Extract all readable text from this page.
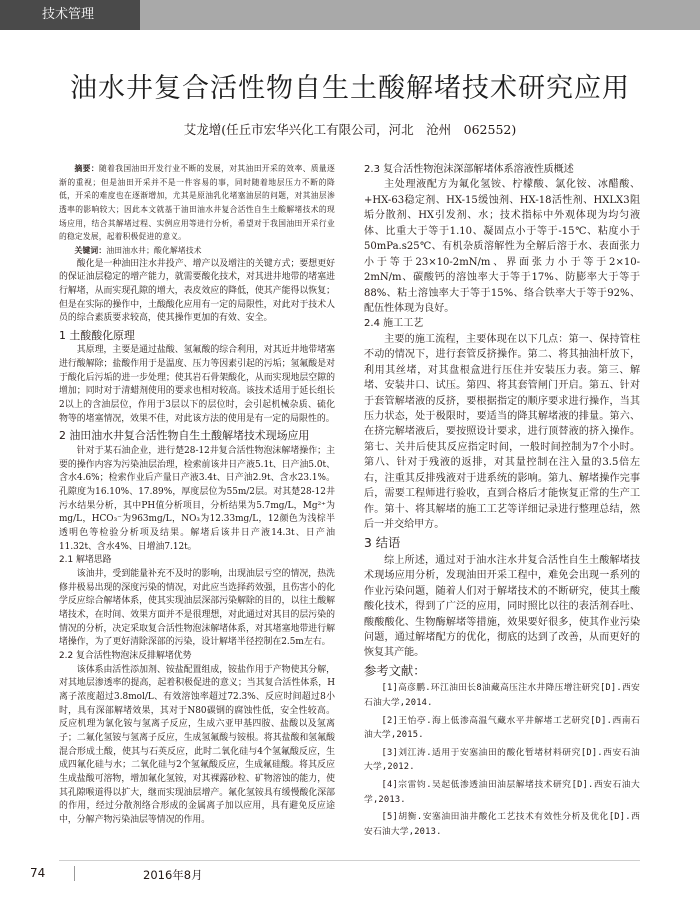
技术管理
油水井复合活性物自生土酸解堵技术研究应用
艾龙增(任丘市宏华兴化工有限公司，河北　沧州　062552)

摘要：随着我国油田开发行业不断的发展，对其油田开采的效率、质量逐渐的重视；但是油田开采并不是一件容易的事，同时随着地层压力不断的降低，开采的难度也在逐渐增加，尤其是原油乳化堵塞油层的问题，对其油层渗透率的影响较大；因此本文就基于油田油水井复合活性自生土酸解堵技术的现场应用，结合其解堵过程、实例应用等进行分析，希望对于我国油田开采行业的稳定发展，起着积极促进的意义。

关键词：油田油水井；酸化解堵技术

酸化是一种油田注水井投产、增产以及增注的关键方式；要想更好的保证油层稳定的增产能力，就需要酸化技术，对其进井地带的堵塞进行解堵，从而实现孔隙的增大，表皮效应的降低，使其产能得以恢复；但是在实际的操作中，土酸酸化应用有一定的局限性，对此对于技术人员的综合素质要求较高，使其操作更加的有效、安全。

1 土酸酸化原理

其原理，主要是通过盐酸、氢氟酸的综合利用，对其近井地带堵塞进行酸解除；盐酸作用于是温度、压力等因素引起的污垢；氢氟酸是对于酸化后污垢的进一步处理；使其岩石骨架酸化，从而实现地层空隙的增加；同时对于清蜡剂使用的要求也相对较高。该技术适用于延长组长2以上的含油层位，作用于3层以下的层位时，会引起机械杂质、硫化物等的堵塞情况，效果不佳，对此该方法的使用是有一定的局限性的。

2 油田油水井复合活性物自生土酸解堵技术现场应用

针对于某石油企业，进行楚28-12井复合活性物泡沫解堵操作；主要的操作内容为污染油层治理，检索前该井日产液5.1t、日产油5.0t、含水4.6%；检索作业后产量日产液3.4t、日产油2.9t、含水23.1%。孔隙度为16.10%、17.89%，厚度层位为55m/2层。对其楚28-12井污水结果分析，其中PH值分析项目，分析结果为5.7mg/L，Mg²⁺为mg/L，HCO₃⁻为963mg/L，NO₃为12.33mg/L，12颜色为浅棕半透明色等检验分析项及结果。解堵后该井日产液14.3t、日产油11.32t、含水4%、日增油7.12t。

2.1 解堵思路

该油井，受到能量补充不及时的影响，出现油层亏空的情况，热洗修井极易出现的深度污染的情况，对此应当选择药效强，且伤害小的化学反应综合解堵体系，使其实现油层深部污染解除的目的，以往土酸解堵技术，在时间、效果方面并不是很理想，对此通过对其目的层污染的情况的分析，决定采取复合活性物泡沫解堵体系，对其堵塞地带进行解堵操作，为了更好清除深部的污染，设计解堵半径控制在2.5m左右。

2.2 复合活性物泡沫反排解堵优势

该体系由活性添加剂、铵盐配置组成，铵盐作用于产物使其分解，对其地层渗透率的提高，起着积极促进的意义；当其复合活性体系，H离子浓度超过3.8mol/L、有效溶蚀率超过72.3%、反应时间超过8小时，具有深部解堵效果，其对于N80碳钢的腐蚀性低，安全性较高。反应机理为氯化铵与氢离子反应，生成六亚甲基四胺、盐酸以及氢离子；二氟化氢铵与氢离子反应，生成氢氟酸与铵根。将其盐酸和氢氟酸混合形成土酸，使其与石英反应，此时二氧化硅与4个氢氟酸反应，生成四氟化硅与水；二氧化硅与2个氢氟酸反应，生成氟硅酸。将其反应生成盐酸可溶物，增加氟化氢铵，对其裸露砂粒、矿物溶蚀的能力，使其孔隙喉道得以扩大，继而实现油层增产。氟化氢铵具有缓慢酸化深部的作用，经过分散剂络合形成的金属离子加以应用，具有避免反应途中，分解产物污染油层等情况的作用。

2.3 复合活性物泡沫深部解堵体系溶液性质概述

主处理液配方为氟化氢铵、柠檬酸、氯化铵、冰醋酸、+HX-63稳定剂、HX-15缓蚀剂、HX-18活性剂、HXLX3阻垢分散剂、HX引发剂、水；技术指标中外观体现为均匀液体、比重大于等于1.10、凝固点小于等于-15℃、粘度小于50mPa.s25℃、有机杂质溶解性为全解后溶于水、表面张力小于等于23×10-2mN/m、界面张力小于等于2×10-2mN/m、碳酸钙的溶蚀率大于等于17%、防膨率大于等于88%、粘土溶蚀率大于等于15%、络合铁率大于等于92%、配伍性体现为良好。

2.4 施工工艺

主要的施工流程，主要体现在以下几点：第一、保持管柱不动的情况下，进行套管反挤操作。第二、将其抽油杆放下，利用其丝堵，对其盘根盒进行压住并安装压力表。第三、解堵、安装井口、试压。第四、将其套管闸门开启。第五、针对于套管解堵液的反挤，要根据指定的顺序要求进行操作，当其压力状态，处于极限时，要适当的降其解堵液的排量。第六、在挤完解堵液后，要按照设计要求，进行顶替液的挤入操作。第七、关井后使其反应指定时间，一般时间控制为7个小时。第八、针对于残液的返排，对其量控制在注入量的3.5倍左右，注重其反排残液对于进系统的影响。第九、解堵操作完事后，需要工程师进行验收，直到合格后才能恢复正常的生产工作。第十、将其解堵的施工工艺等详细记录进行整理总结，然后一并交给甲方。

3 结语

综上所述，通过对于油水注水井复合活性自生土酸解堵技术现场应用分析，发现油田开采工程中，难免会出现一系列的作业污染问题，随着人们对于解堵技术的不断研究，使其土酸酸化技术，得到了广泛的应用，同时照比以往的表活剂吞吐、酸酸酸化、生物酶解堵等措施，效果要好很多，使其作业污染问题，通过解堵配方的优化，彻底的达到了改善，从而更好的恢复其产能。

参考文献：
[1]高彦鹏.环江油田长8油藏高压注水井降压增注研究[D].西安石油大学,2014.
[2]王怡亭.海上低渗高温气藏水平井解堵工艺研究[D].西南石油大学,2015.
[3]刘江涛.适用于安塞油田的酸化暂堵材料研究[D].西安石油大学,2012.
[4]宗雷钧.吴起低渗透油田油层解堵技术研究[D].西安石油大学,2013.
[5]胡衡.安塞油田油井酸化工艺技术有效性分析及优化[D].西安石油大学,2013.
74	2016年8月
